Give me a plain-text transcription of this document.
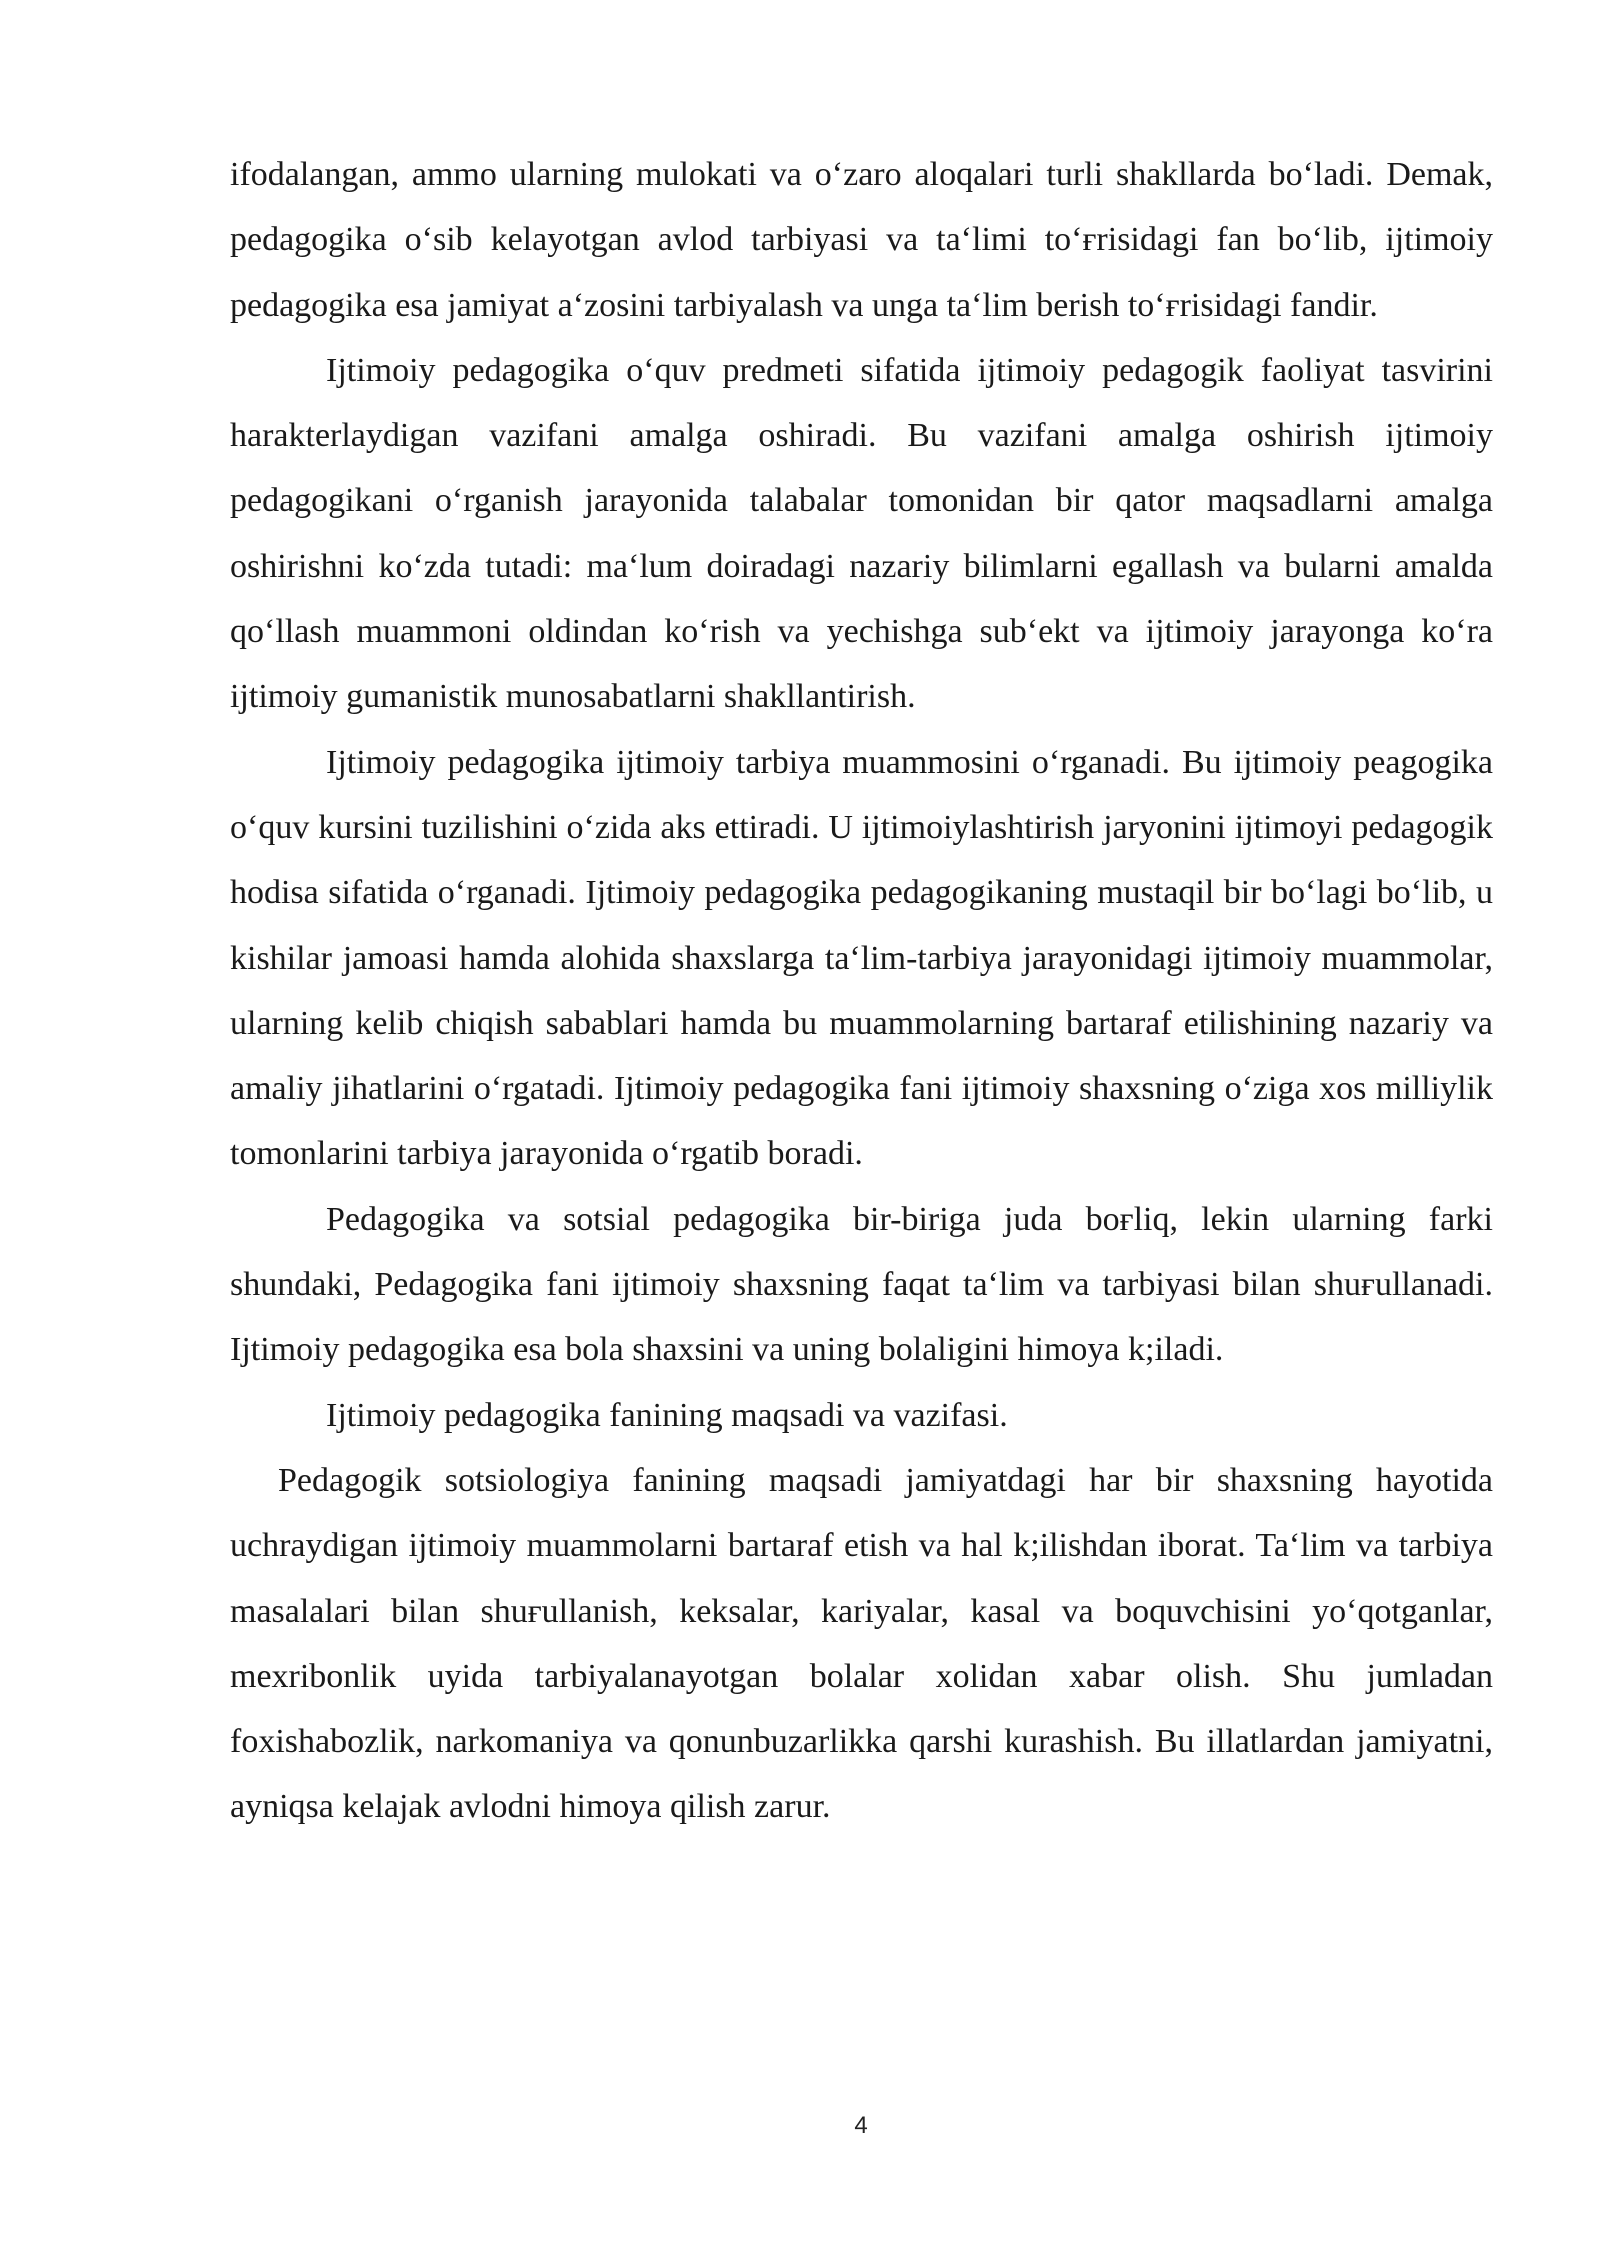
ifodalangan, ammo ularning mulokati va o‘zaro aloqalari turli shakllarda bo‘ladi. Demak, pedagogika o‘sib kelayotgan avlod tarbiyasi va ta‘limi to‘ғrisidagi fan bo‘lib, ijtimoiy pedagogika esa jamiyat a‘zosini tarbiyalash va unga ta‘lim berish to‘ғrisidagi fandir.

Ijtimoiy pedagogika o‘quv predmeti sifatida ijtimoiy pedagogik faoliyat tasvirini harakterlaydigan vazifani amalga oshiradi. Bu vazifani amalga oshirish ijtimoiy pedagogikani o‘rganish jarayonida talabalar tomonidan bir qator maqsadlarni amalga oshirishni ko‘zda tutadi: ma‘lum doiradagi nazariy bilimlarni egallash va bularni amalda qo‘llash muammoni oldindan ko‘rish va yechishga sub‘ekt va ijtimoiy jarayonga ko‘ra ijtimoiy gumanistik munosabatlarni shakllantirish.

Ijtimoiy pedagogika ijtimoiy tarbiya muammosini o‘rganadi. Bu ijtimoiy peagogika o‘quv kursini tuzilishini o‘zida aks ettiradi. U ijtimoiylashtirish jaryonini ijtimoyi pedagogik hodisa sifatida o‘rganadi. Ijtimoiy pedagogika pedagogikaning mustaqil bir bo‘lagi bo‘lib, u kishilar jamoasi hamda alohida shaxslarga ta‘lim-tarbiya jarayonidagi ijtimoiy muammolar, ularning kelib chiqish sabablari hamda bu muammolarning bartaraf etilishining nazariy va amaliy jihatlarini o‘rgatadi. Ijtimoiy pedagogika fani ijtimoiy shaxsning o‘ziga xos milliylik tomonlarini tarbiya jarayonida o‘rgatib boradi.

Pedagogika va sotsial pedagogika bir-biriga juda boғliq, lekin ularning farki shundaki, Pedagogika fani ijtimoiy shaxsning faqat ta‘lim va tarbiyasi bilan shuғullanadi. Ijtimoiy pedagogika esa bola shaxsini va uning bolaligini himoya k;iladi.

Ijtimoiy pedagogika fanining maqsadi va vazifasi.

Pedagogik sotsiologiya fanining maqsadi jamiyatdagi har bir shaxsning hayotida uchraydigan ijtimoiy muammolarni bartaraf etish va hal k;ilishdan iborat. Ta‘lim va tarbiya masalalari bilan shuғullanish, keksalar, kariyalar, kasal va boquvchisini yo‘qotganlar, mexribonlik uyida tarbiyalanayotgan bolalar xolidan xabar olish. Shu jumladan foxishabozlik, narkomaniya va qonunbuzarlikka qarshi kurashish. Bu illatlardan jamiyatni, ayniqsa kelajak avlodni himoya qilish zarur.

4
